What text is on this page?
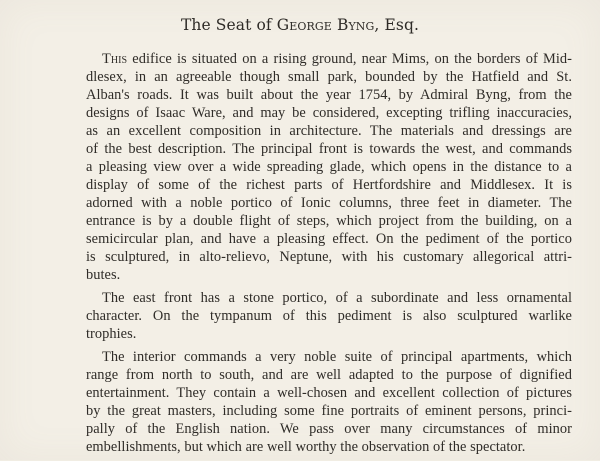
The Seat of George Byng, Esq.
This edifice is situated on a rising ground, near Mims, on the borders of Mid-
dlesex, in an agreeable though small park, bounded by the Hatfield and St.
Alban's roads. It was built about the year 1754, by Admiral Byng, from the
designs of Isaac Ware, and may be considered, excepting trifling inaccuracies,
as an excellent composition in architecture. The materials and dressings are
of the best description. The principal front is towards the west, and commands
a pleasing view over a wide spreading glade, which opens in the distance to a
display of some of the richest parts of Hertfordshire and Middlesex. It is
adorned with a noble portico of Ionic columns, three feet in diameter. The
entrance is by a double flight of steps, which project from the building, on a
semicircular plan, and have a pleasing effect. On the pediment of the portico
is sculptured, in alto-relievo, Neptune, with his customary allegorical attri-
butes.
The east front has a stone portico, of a subordinate and less ornamental
character. On the tympanum of this pediment is also sculptured warlike
trophies.
The interior commands a very noble suite of principal apartments, which
range from north to south, and are well adapted to the purpose of dignified
entertainment. They contain a well-chosen and excellent collection of pictures
by the great masters, including some fine portraits of eminent persons, princi-
pally of the English nation. We pass over many circumstances of minor
embellishments, but which are well worthy the observation of the spectator.
